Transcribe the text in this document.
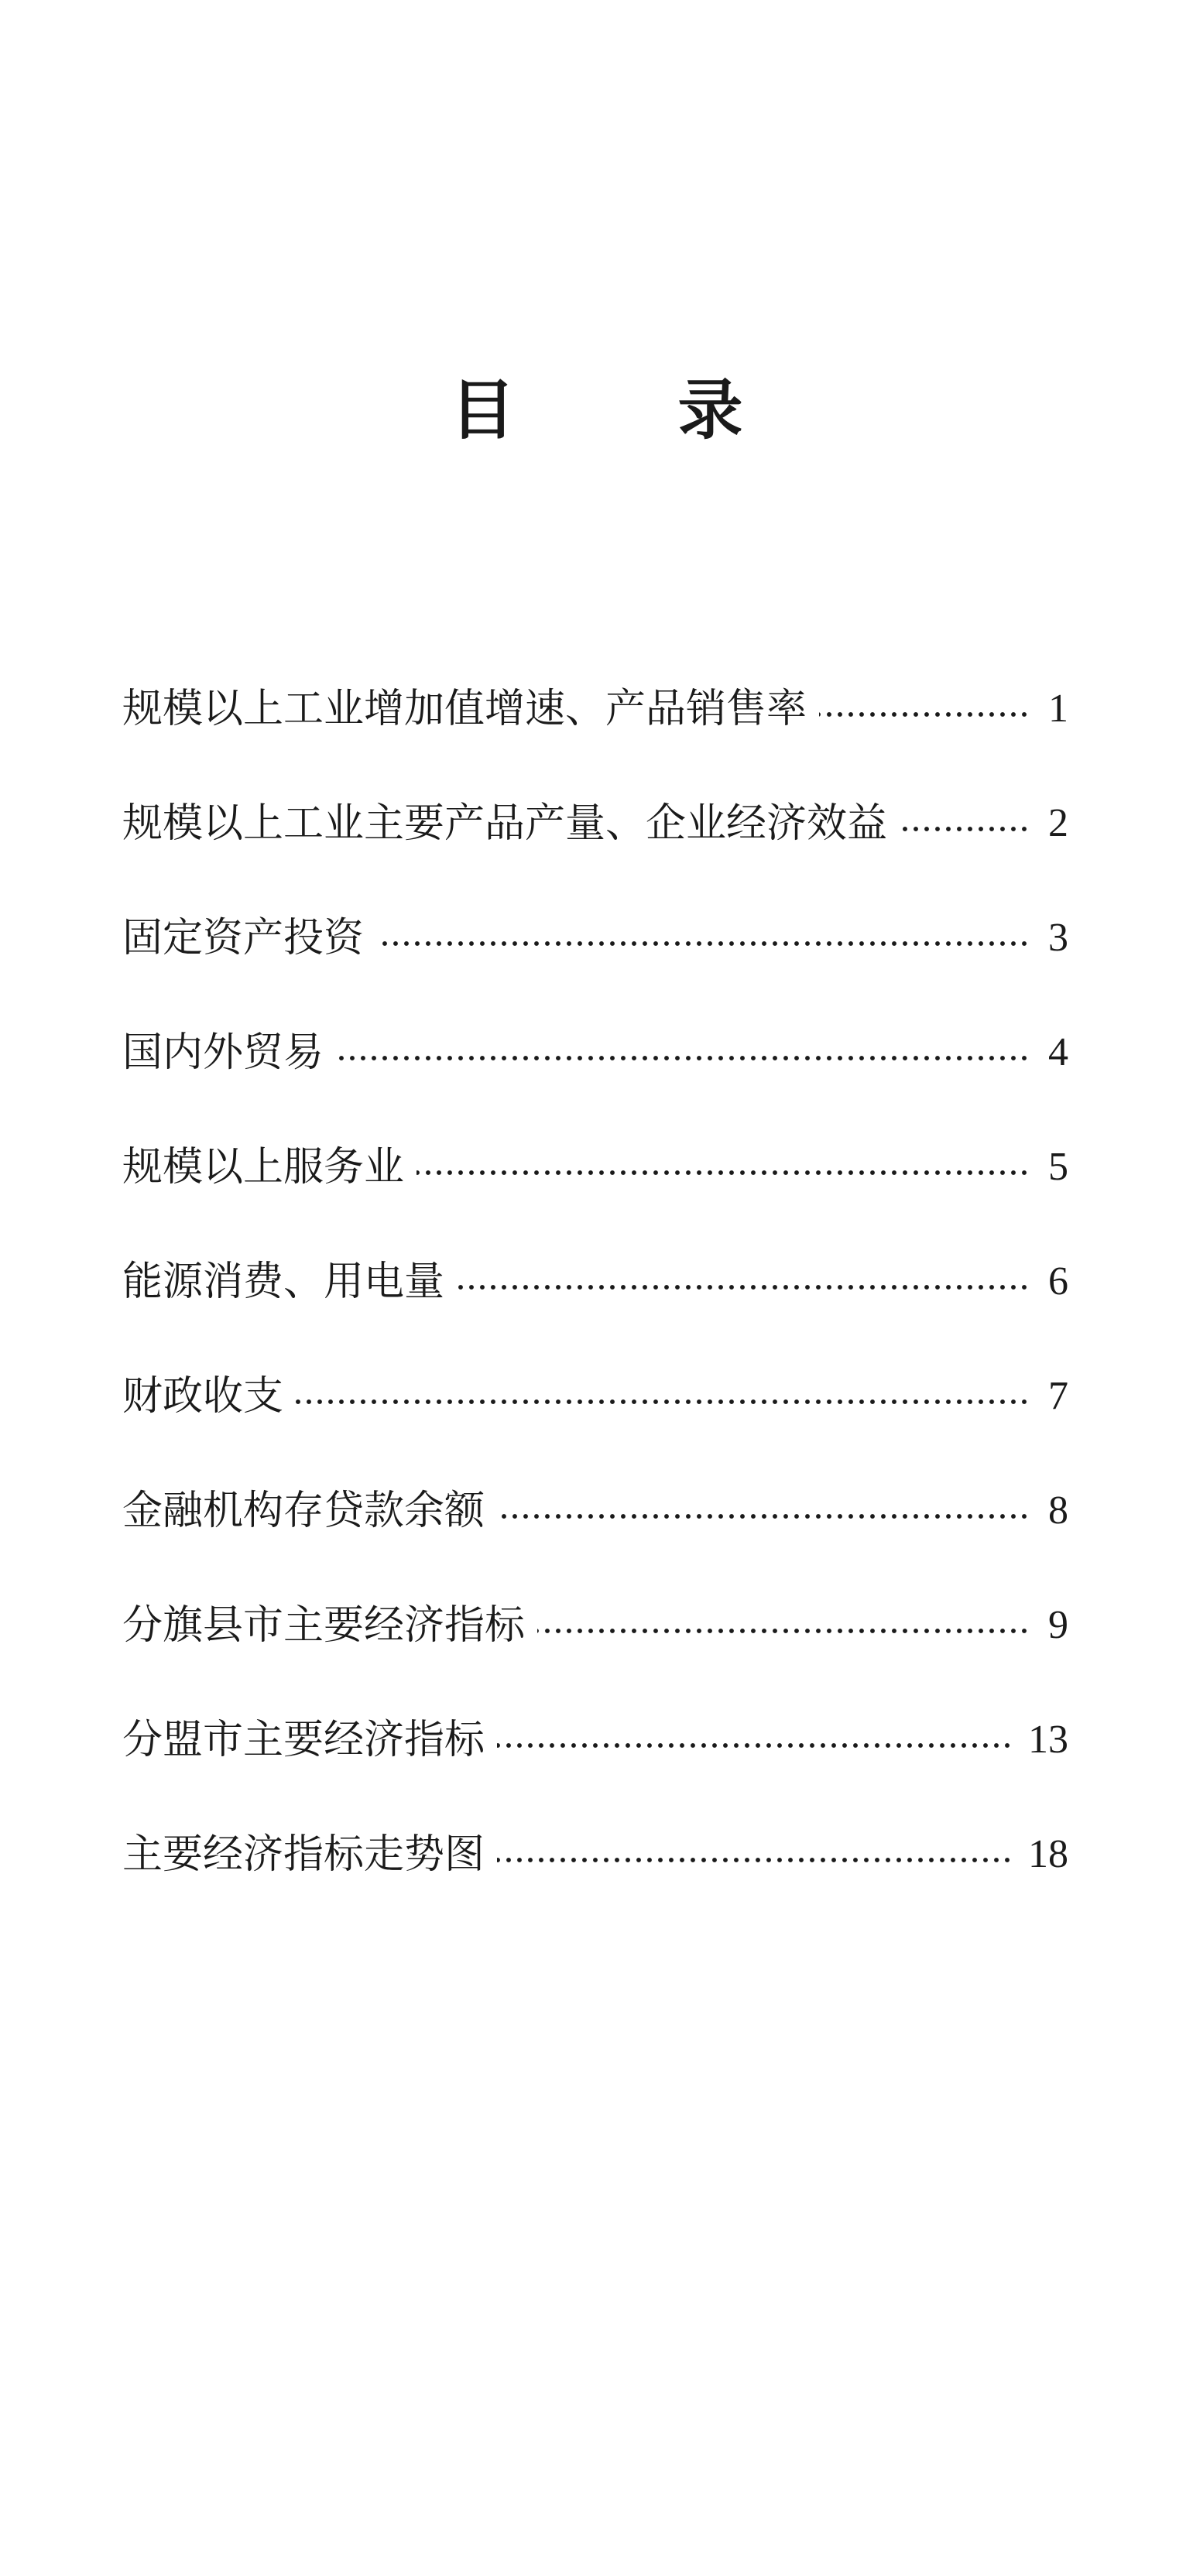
目	录
规模以上工业增加值增速、产品销售率	1
规模以上工业主要产品产量、企业经济效益	2
固定资产投资	3
国内外贸易	4
规模以上服务业	5
能源消费、用电量	6
财政收支	7
金融机构存贷款余额	8
分旗县市主要经济指标	9
分盟市主要经济指标	13
主要经济指标走势图	18
